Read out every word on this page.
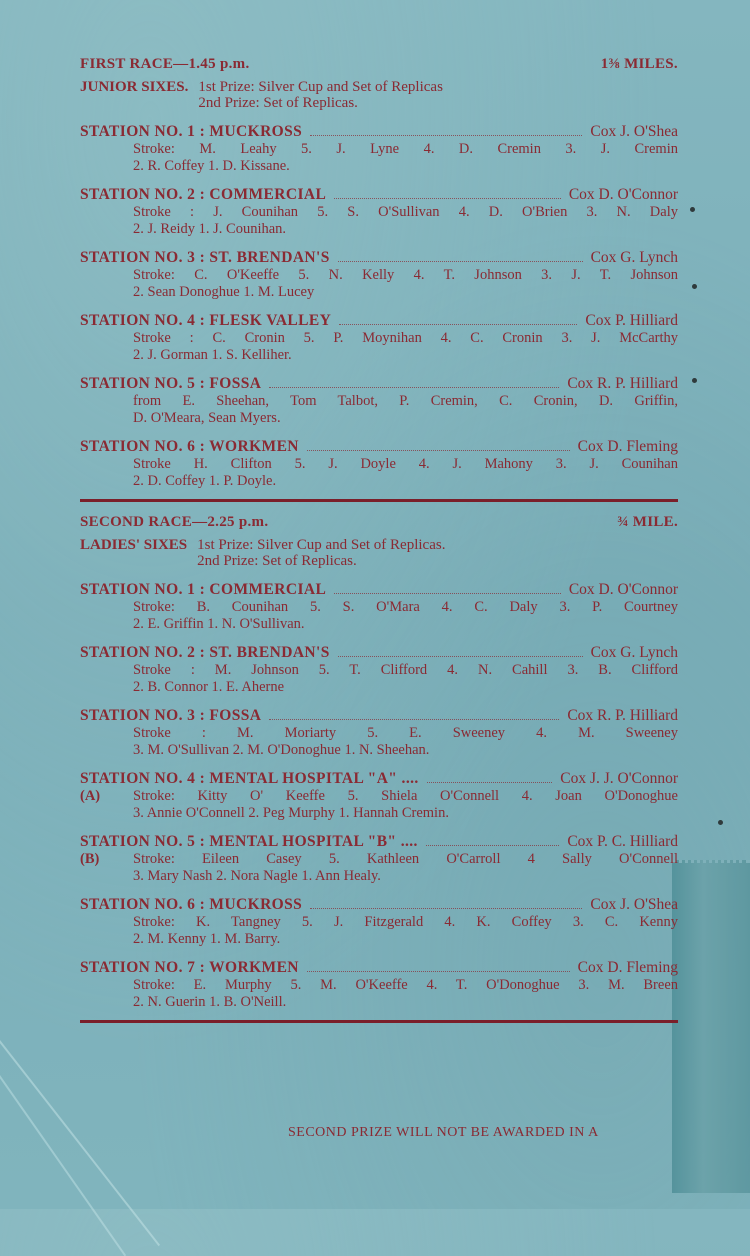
FIRST RACE—1.45 p.m.	1⅜ MILES.
JUNIOR SIXES. 1st Prize: Silver Cup and Set of Replicas
2nd Prize: Set of Replicas.
STATION NO. 1 : MUCKROSS	Cox J. O'Shea
Stroke: M. Leahy 5. J. Lyne 4. D. Cremin 3. J. Cremin
2. R. Coffey 1. D. Kissane.
STATION NO. 2 : COMMERCIAL	Cox D. O'Connor
Stroke : J. Counihan 5. S. O'Sullivan 4. D. O'Brien 3. N. Daly
2. J. Reidy 1. J. Counihan.
STATION NO. 3 : ST. BRENDAN'S	Cox G. Lynch
Stroke: C. O'Keeffe 5. N. Kelly 4. T. Johnson 3. J. T. Johnson
2. Sean Donoghue 1. M. Lucey
STATION NO. 4 : FLESK VALLEY	Cox P. Hilliard
Stroke : C. Cronin 5. P. Moynihan 4. C. Cronin 3. J. McCarthy
2. J. Gorman 1. S. Kelliher.
STATION NO. 5 : FOSSA	Cox R. P. Hilliard
from E. Sheehan, Tom Talbot, P. Cremin, C. Cronin, D. Griffin,
D. O'Meara, Sean Myers.
STATION NO. 6 : WORKMEN	Cox D. Fleming
Stroke H. Clifton 5. J. Doyle 4. J. Mahony 3. J. Counihan
2. D. Coffey 1. P. Doyle.
SECOND RACE—2.25 p.m.	¾ MILE.
LADIES' SIXES 1st Prize: Silver Cup and Set of Replicas.
2nd Prize: Set of Replicas.
STATION NO. 1 : COMMERCIAL	Cox D. O'Connor
Stroke: B. Counihan 5. S. O'Mara 4. C. Daly 3. P. Courtney
2. E. Griffin 1. N. O'Sullivan.
STATION NO. 2 : ST. BRENDAN'S	Cox G. Lynch
Stroke : M. Johnson 5. T. Clifford 4. N. Cahill 3. B. Clifford
2. B. Connor 1. E. Aherne
STATION NO. 3 : FOSSA	Cox R. P. Hilliard
Stroke : M. Moriarty 5. E. Sweeney 4. M. Sweeney
3. M. O'Sullivan 2. M. O'Donoghue 1. N. Sheehan.
STATION NO. 4 : MENTAL HOSPITAL "A" ....	Cox J. J. O'Connor
(A) Stroke: Kitty O' Keeffe 5. Shiela O'Connell 4. Joan O'Donoghue
3. Annie O'Connell 2. Peg Murphy 1. Hannah Cremin.
STATION NO. 5 : MENTAL HOSPITAL "B" ....	Cox P. C. Hilliard
(B) Stroke: Eileen Casey 5. Kathleen O'Carroll 4 Sally O'Connell
3. Mary Nash 2. Nora Nagle 1. Ann Healy.
STATION NO. 6 : MUCKROSS	Cox J. O'Shea
Stroke: K. Tangney 5. J. Fitzgerald 4. K. Coffey 3. C. Kenny
2. M. Kenny 1. M. Barry.
STATION NO. 7 : WORKMEN	Cox D. Fleming
Stroke: E. Murphy 5. M. O'Keeffe 4. T. O'Donoghue 3. M. Breen
2. N. Guerin 1. B. O'Neill.
SECOND PRIZE WILL NOT BE AWARDED IN A
